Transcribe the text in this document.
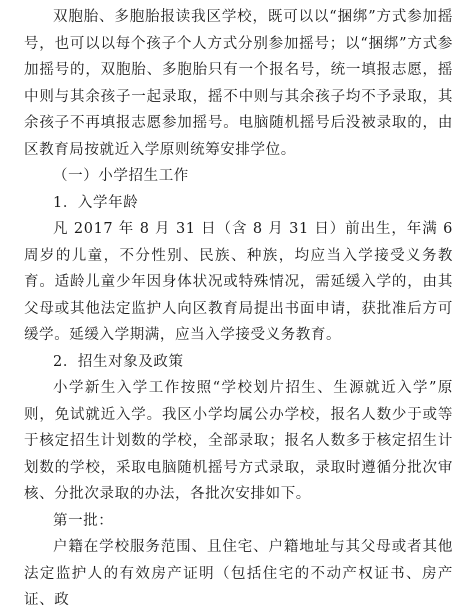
双胞胎、多胞胎报读我区学校，既可以以“捆绑”方式参加摇号，也可以以每个孩子个人方式分别参加摇号；以“捆绑”方式参加摇号的，双胞胎、多胞胎只有一个报名号，统一填报志愿，摇中则与其余孩子一起录取，摇不中则与其余孩子均不予录取，其余孩子不再填报志愿参加摇号。电脑随机摇号后没被录取的，由区教育局按就近入学原则统筹安排学位。

（一）小学招生工作

1．入学年龄

凡 2017 年 8 月 31 日（含 8 月 31 日）前出生，年满 6 周岁的儿童，不分性别、民族、种族，均应当入学接受义务教育。适龄儿童少年因身体状况或特殊情况，需延缓入学的，由其父母或其他法定监护人向区教育局提出书面申请，获批准后方可缓学。延缓入学期满，应当入学接受义务教育。

2．招生对象及政策

小学新生入学工作按照“学校划片招生、生源就近入学”原则，免试就近入学。我区小学均属公办学校，报名人数少于或等于核定招生计划数的学校，全部录取；报名人数多于核定招生计划数的学校，采取电脑随机摇号方式录取，录取时遵循分批次审核、分批次录取的办法，各批次安排如下。

第一批：

户籍在学校服务范围、且住宅、户籍地址与其父母或者其他法定监护人的有效房产证明（包括住宅的不动产权证书、房产证、政
